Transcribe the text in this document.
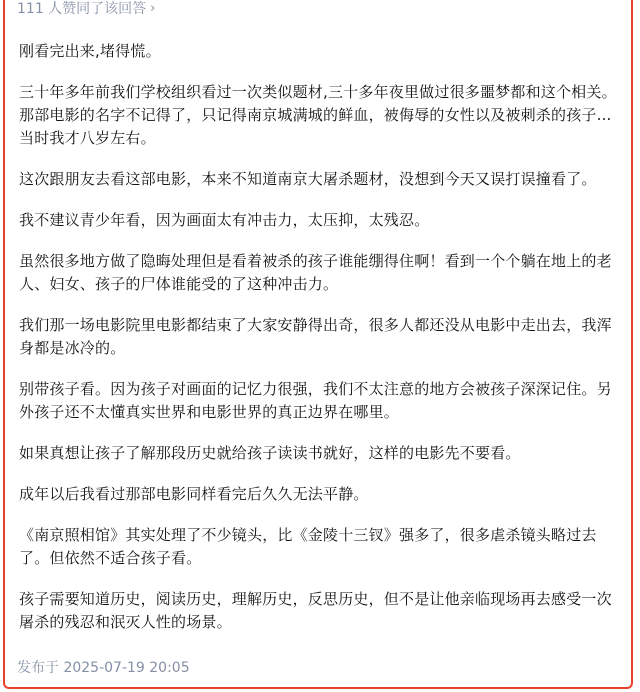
111 人赞同了该回答 ›

刚看完出来,堵得慌。

三十年多年前我们学校组织看过一次类似题材,三十多年夜里做过很多噩梦都和这个相关。那部电影的名字不记得了，只记得南京城满城的鲜血，被侮辱的女性以及被刺杀的孩子...当时我才八岁左右。

这次跟朋友去看这部电影，本来不知道南京大屠杀题材，没想到今天又误打误撞看了。

我不建议青少年看，因为画面太有冲击力，太压抑，太残忍。

虽然很多地方做了隐晦处理但是看着被杀的孩子谁能绷得住啊！看到一个个躺在地上的老人、妇女、孩子的尸体谁能受的了这种冲击力。

我们那一场电影院里电影都结束了大家安静得出奇，很多人都还没从电影中走出去，我浑身都是冰冷的。

别带孩子看。因为孩子对画面的记忆力很强，我们不太注意的地方会被孩子深深记住。另外孩子还不太懂真实世界和电影世界的真正边界在哪里。

如果真想让孩子了解那段历史就给孩子读读书就好，这样的电影先不要看。

成年以后我看过那部电影同样看完后久久无法平静。

《南京照相馆》其实处理了不少镜头，比《金陵十三钗》强多了，很多虐杀镜头略过去了。但依然不适合孩子看。

孩子需要知道历史，阅读历史，理解历史，反思历史，但不是让他亲临现场再去感受一次屠杀的残忍和泯灭人性的场景。

发布于 2025-07-19 20:05
